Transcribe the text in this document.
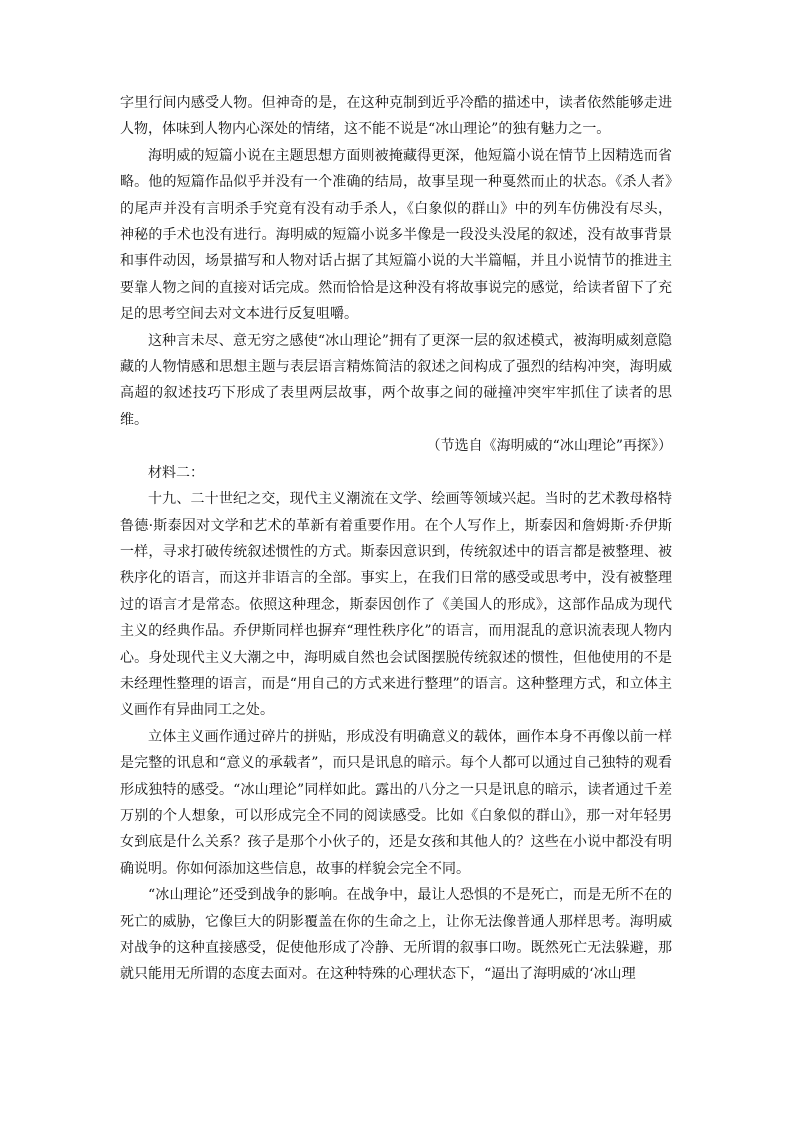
字里行间内感受人物。但神奇的是，在这种克制到近乎冷酷的描述中，读者依然能够走进人物，体味到人物内心深处的情绪，这不能不说是“冰山理论”的独有魅力之一。

海明威的短篇小说在主题思想方面则被掩藏得更深，他短篇小说在情节上因精选而省略。他的短篇作品似乎并没有一个准确的结局，故事呈现一种戛然而止的状态。《杀人者》的尾声并没有言明杀手究竟有没有动手杀人，《白象似的群山》中的列车仿佛没有尽头，神秘的手术也没有进行。海明威的短篇小说多半像是一段没头没尾的叙述，没有故事背景和事件动因，场景描写和人物对话占据了其短篇小说的大半篇幅，并且小说情节的推进主要靠人物之间的直接对话完成。然而恰恰是这种没有将故事说完的感觉，给读者留下了充足的思考空间去对文本进行反复咀嚼。

这种言未尽、意无穷之感使“冰山理论”拥有了更深一层的叙述模式，被海明威刻意隐藏的人物情感和思想主题与表层语言精炼简洁的叙述之间构成了强烈的结构冲突，海明威高超的叙述技巧下形成了表里两层故事，两个故事之间的碰撞冲突牢牢抓住了读者的思维。

（节选自《海明威的“冰山理论”再探》）

材料二：

十九、二十世纪之交，现代主义潮流在文学、绘画等领域兴起。当时的艺术教母格特鲁德·斯泰因对文学和艺术的革新有着重要作用。在个人写作上，斯泰因和詹姆斯·乔伊斯一样，寻求打破传统叙述惯性的方式。斯泰因意识到，传统叙述中的语言都是被整理、被秩序化的语言，而这并非语言的全部。事实上，在我们日常的感受或思考中，没有被整理过的语言才是常态。依照这种理念，斯泰因创作了《美国人的形成》，这部作品成为现代主义的经典作品。乔伊斯同样也摒弃“理性秩序化”的语言，而用混乱的意识流表现人物内心。身处现代主义大潮之中，海明威自然也会试图摆脱传统叙述的惯性，但他使用的不是未经理性整理的语言，而是“用自己的方式来进行整理”的语言。这种整理方式，和立体主义画作有异曲同工之处。

立体主义画作通过碎片的拼贴，形成没有明确意义的载体，画作本身不再像以前一样是完整的讯息和“意义的承载者”，而只是讯息的暗示。每个人都可以通过自己独特的观看形成独特的感受。“冰山理论”同样如此。露出的八分之一只是讯息的暗示，读者通过千差万别的个人想象，可以形成完全不同的阅读感受。比如《白象似的群山》，那一对年轻男女到底是什么关系？孩子是那个小伙子的，还是女孩和其他人的？这些在小说中都没有明确说明。你如何添加这些信息，故事的样貌会完全不同。

“冰山理论”还受到战争的影响。在战争中，最让人恐惧的不是死亡，而是无所不在的死亡的威胁，它像巨大的阴影覆盖在你的生命之上，让你无法像普通人那样思考。海明威对战争的这种直接感受，促使他形成了冷静、无所谓的叙事口吻。既然死亡无法躲避，那就只能用无所谓的态度去面对。在这种特殊的心理状态下，“逼出了海明威的‘冰山理
